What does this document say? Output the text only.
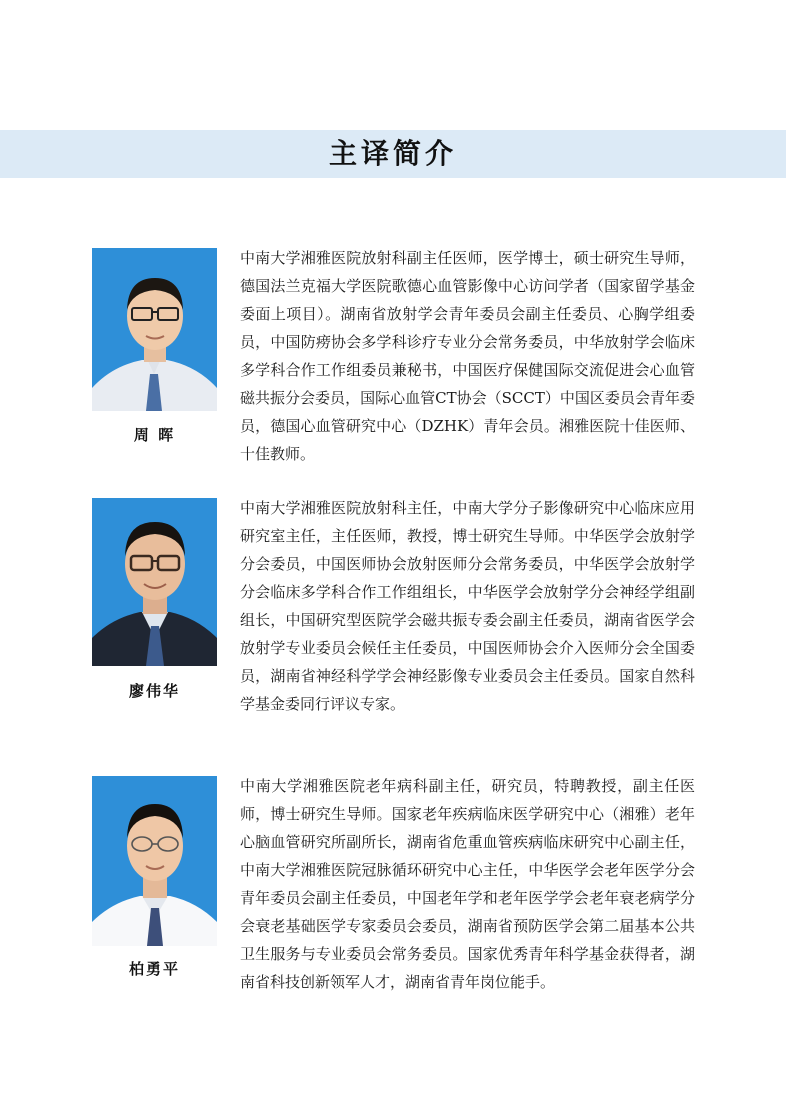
主译简介
周 晖

中南大学湘雅医院放射科副主任医师，医学博士，硕士研究生导师，德国法兰克福大学医院歌德心血管影像中心访问学者（国家留学基金委面上项目）。湖南省放射学会青年委员会副主任委员、心胸学组委员，中国防痨协会多学科诊疗专业分会常务委员，中华放射学会临床多学科合作工作组委员兼秘书，中国医疗保健国际交流促进会心血管磁共振分会委员，国际心血管CT协会（SCCT）中国区委员会青年委员，德国心血管研究中心（DZHK）青年会员。湘雅医院十佳医师、十佳教师。

廖伟华

中南大学湘雅医院放射科主任，中南大学分子影像研究中心临床应用研究室主任，主任医师，教授，博士研究生导师。中华医学会放射学分会委员，中国医师协会放射医师分会常务委员，中华医学会放射学分会临床多学科合作工作组组长，中华医学会放射学分会神经学组副组长，中国研究型医院学会磁共振专委会副主任委员，湖南省医学会放射学专业委员会候任主任委员，中国医师协会介入医师分会全国委员，湖南省神经科学学会神经影像专业委员会主任委员。国家自然科学基金委同行评议专家。

柏勇平

中南大学湘雅医院老年病科副主任，研究员，特聘教授，副主任医师，博士研究生导师。国家老年疾病临床医学研究中心（湘雅）老年心脑血管研究所副所长，湖南省危重血管疾病临床研究中心副主任，中南大学湘雅医院冠脉循环研究中心主任，中华医学会老年医学分会青年委员会副主任委员，中国老年学和老年医学学会老年衰老病学分会衰老基础医学专家委员会委员，湖南省预防医学会第二届基本公共卫生服务与专业委员会常务委员。国家优秀青年科学基金获得者，湖南省科技创新领军人才，湖南省青年岗位能手。
